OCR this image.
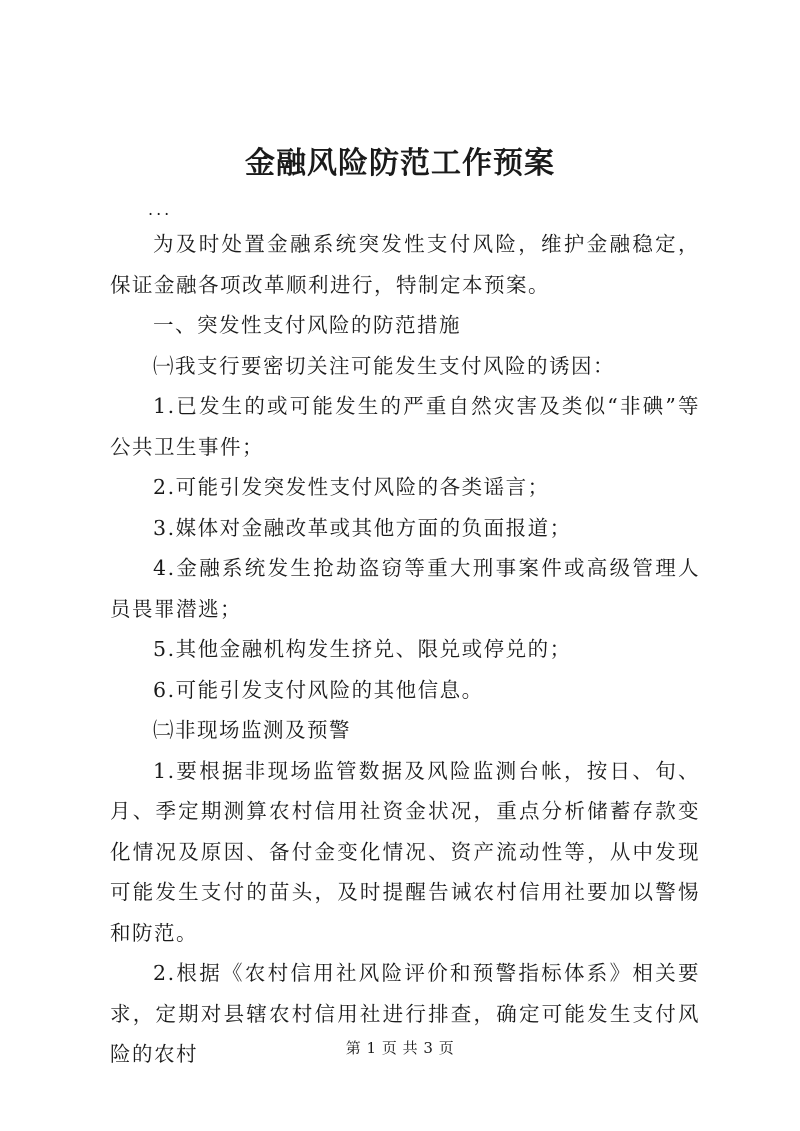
金融风险防范工作预案
...

为及时处置金融系统突发性支付风险，维护金融稳定，保证金融各项改革顺利进行，特制定本预案。

一、突发性支付风险的防范措施

㈠我支行要密切关注可能发生支付风险的诱因：

1.已发生的或可能发生的严重自然灾害及类似“非碘”等公共卫生事件；

2.可能引发突发性支付风险的各类谣言；

3.媒体对金融改革或其他方面的负面报道；

4.金融系统发生抢劫盗窃等重大刑事案件或高级管理人员畏罪潜逃；

5.其他金融机构发生挤兑、限兑或停兑的；

6.可能引发支付风险的其他信息。

㈡非现场监测及预警

1.要根据非现场监管数据及风险监测台帐，按日、旬、月、季定期测算农村信用社资金状况，重点分析储蓄存款变化情况及原因、备付金变化情况、资产流动性等，从中发现可能发生支付的苗头，及时提醒告诫农村信用社要加以警惕和防范。

2.根据《农村信用社风险评价和预警指标体系》相关要求，定期对县辖农村信用社进行排查，确定可能发生支付风险的农村	第 1 页 共 3 页
